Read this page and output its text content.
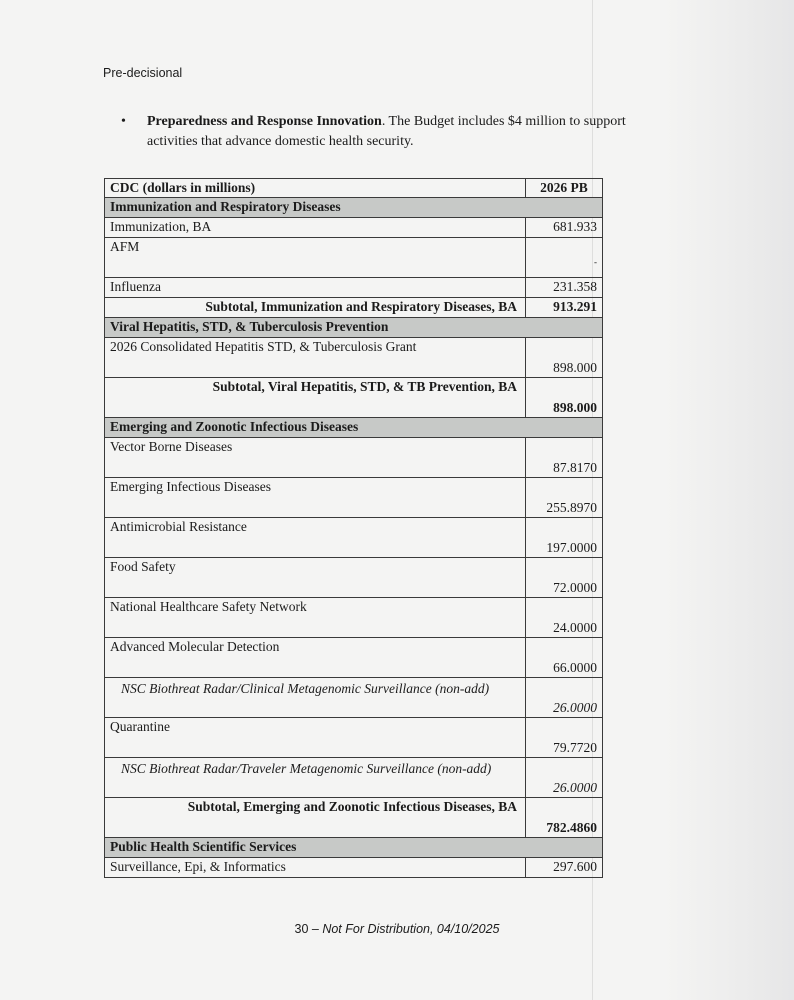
Pre-decisional
• Preparedness and Response Innovation. The Budget includes $4 million to support activities that advance domestic health security.
CDC (dollars in millions)	2026 PB
Immunization and Respiratory Diseases	
Immunization, BA	681.933
AFM	-
Influenza	231.358
Subtotal, Immunization and Respiratory Diseases, BA	913.291
Viral Hepatitis, STD, & Tuberculosis Prevention	
2026 Consolidated Hepatitis STD, & Tuberculosis Grant	898.000
Subtotal, Viral Hepatitis, STD, & TB Prevention, BA	898.000
Emerging and Zoonotic Infectious Diseases	
Vector Borne Diseases	87.8170
Emerging Infectious Diseases	255.8970
Antimicrobial Resistance	197.0000
Food Safety	72.0000
National Healthcare Safety Network	24.0000
Advanced Molecular Detection	66.0000
NSC Biothreat Radar/Clinical Metagenomic Surveillance (non-add)	26.0000
Quarantine	79.7720
NSC Biothreat Radar/Traveler Metagenomic Surveillance (non-add)	26.0000
Subtotal, Emerging and Zoonotic Infectious Diseases, BA	782.4860
Public Health Scientific Services	
Surveillance, Epi, & Informatics	297.600
30 – Not For Distribution, 04/10/2025
